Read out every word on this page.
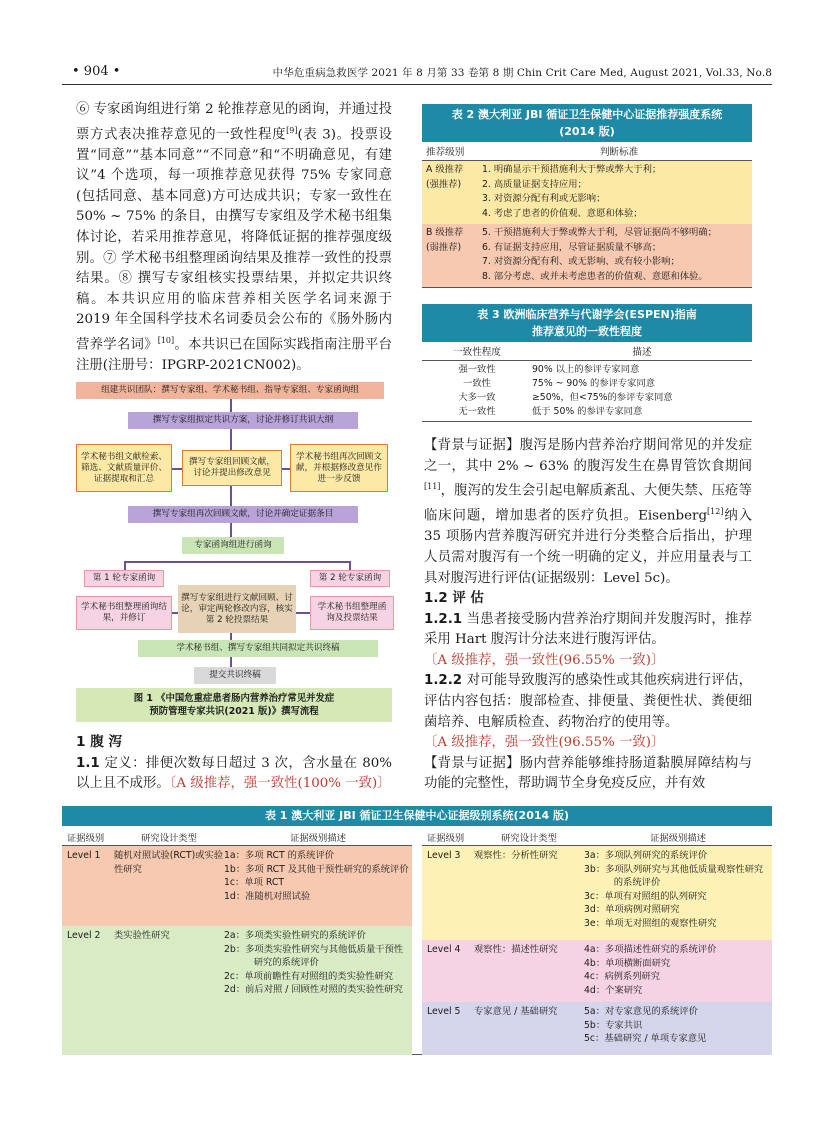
• 904 •	中华危重病急救医学 2021 年 8 月第 33 卷第 8 期 Chin Crit Care Med, August 2021, Vol.33, No.8

⑥ 专家函询组进行第 2 轮推荐意见的函询，并通过投票方式表决推荐意见的一致性程度[9](表 3)。投票设置“同意”“基本同意”“不同意”和“不明确意见，有建议”4 个选项，每一项推荐意见获得 75% 专家同意(包括同意、基本同意)方可达成共识；专家一致性在 50% ~ 75% 的条目，由撰写专家组及学术秘书组集体讨论，若采用推荐意见，将降低证据的推荐强度级别。⑦ 学术秘书组整理函询结果及推荐一致性的投票结果。⑧ 撰写专家组核实投票结果，并拟定共识终稿。本共识应用的临床营养相关医学名词来源于 2019 年全国科学技术名词委员会公布的《肠外肠内营养学名词》[10]。本共识已在国际实践指南注册平台注册(注册号：IPGRP-2021CN002)。

组建共识团队：撰写专家组、学术秘书组、指导专家组、专家函询组
撰写专家组拟定共识方案，讨论并修订共识大纲
学术秘书组文献检索、筛选、文献质量评价、证据提取和汇总
撰写专家组回顾文献，讨论并提出修改意见
学术秘书组再次回顾文献，并根据修改意见作进一步反馈
撰写专家组再次回顾文献，讨论并确定证据条目
专家函询组进行函询
第 1 轮专家函询	第 2 轮专家函询
学术秘书组整理函询结果，并修订
撰写专家组进行文献回顾、讨论，审定两轮修改内容，核实第 2 轮投票结果
学术秘书组整理函询及投票结果
学术秘书组、撰写专家组共同拟定共识终稿
提交共识终稿
图 1 《中国危重症患者肠内营养治疗常见并发症
预防管理专家共识(2021 版)》撰写流程

1 腹 泻

1.1 定义：排便次数每日超过 3 次，含水量在 80% 以上且不成形。〔A 级推荐，强一致性(100% 一致)〕

表 2 澳大利亚 JBI 循证卫生保健中心证据推荐强度系统
(2014 版)
推荐级别	判断标准
A 级推荐
(强推荐)
1. 明确显示干预措施利大于弊或弊大于利；
2. 高质量证据支持应用；
3. 对资源分配有利或无影响；
4. 考虑了患者的价值观、意愿和体验；
B 级推荐
(弱推荐)
5. 干预措施利大于弊或弊大于利，尽管证据尚不够明确；
6. 有证据支持应用，尽管证据质量不够高；
7. 对资源分配有利、或无影响、或有较小影响；
8. 部分考虑、或并未考虑患者的价值观、意愿和体验。
表 3 欧洲临床营养与代谢学会(ESPEN)指南
推荐意见的一致性程度
一致性程度	描述
强一致性	90% 以上的参评专家同意
一致性	75% ~ 90% 的参评专家同意
大多一致	≥50%，但<75%的参评专家同意
无一致性	低于 50% 的参评专家同意

【背景与证据】腹泻是肠内营养治疗期间常见的并发症之一，其中 2% ~ 63% 的腹泻发生在鼻胃管饮食期间[11]，腹泻的发生会引起电解质紊乱、大便失禁、压疮等临床问题，增加患者的医疗负担。Eisenberg[12]纳入 35 项肠内营养腹泻研究并进行分类整合后指出，护理人员需对腹泻有一个统一明确的定义，并应用量表与工具对腹泻进行评估(证据级别：Level 5c)。

1.2 评 估

1.2.1 当患者接受肠内营养治疗期间并发腹泻时，推荐采用 Hart 腹泻计分法来进行腹泻评估。
〔A 级推荐，强一致性(96.55% 一致)〕

1.2.2 对可能导致腹泻的感染性或其他疾病进行评估，评估内容包括：腹部检查、排便量、粪便性状、粪便细菌培养、电解质检查、药物治疗的使用等。
〔A 级推荐，强一致性(96.55% 一致)〕

【背景与证据】肠内营养能够维持肠道黏膜屏障结构与功能的完整性，帮助调节全身免疫反应，并有效

表 1 澳大利亚 JBI 循证卫生保健中心证据级别系统(2014 版)
证据级别	研究设计类型	证据级别描述
Level 1	随机对照试验(RCT)或实验性研究
1a：多项 RCT 的系统评价
1b：多项 RCT 及其他干预性研究的系统评价
1c：单项 RCT
1d：准随机对照试验
Level 2	类实验性研究	2a：多项类实验性研究的系统评价
2b：多项类实验性研究与其他低质量干预性研究的系统评价
2c：单项前瞻性有对照组的类实验性研究
2d：前后对照 / 回顾性对照的类实验性研究
证据级别	研究设计类型	证据级别描述
Level 3	观察性：分析性研究	3a：多项队列研究的系统评价
3b：多项队列研究与其他低质量观察性研究的系统评价
3c：单项有对照组的队列研究
3d：单项病例对照研究
3e：单项无对照组的观察性研究
Level 4	观察性：描述性研究	4a：多项描述性研究的系统评价
4b：单项横断面研究
4c：病例系列研究
4d：个案研究
Level 5	专家意见 / 基础研究	5a：对专家意见的系统评价
5b：专家共识
5c：基础研究 / 单项专家意见
